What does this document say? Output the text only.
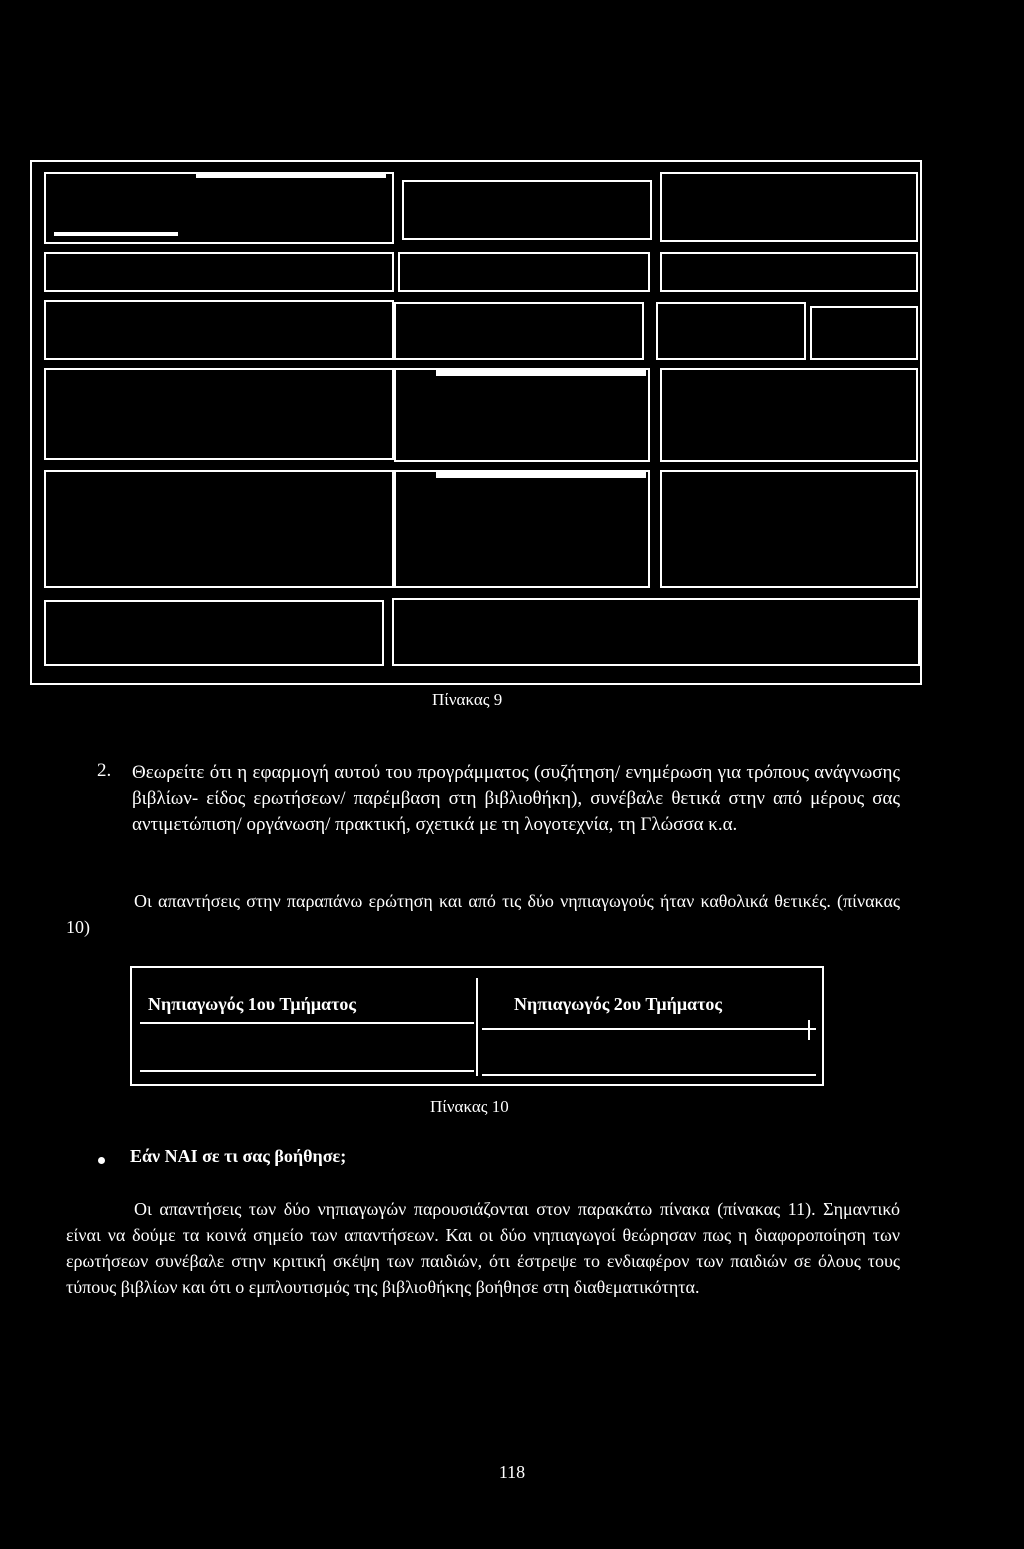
Πίνακας 9
2. Θεωρείτε ότι η εφαρμογή αυτού του προγράμματος (συζήτηση/ ενημέρωση για τρόπους ανάγνωσης βιβλίων- είδος ερωτήσεων/ παρέμβαση στη βιβλιοθήκη), συνέβαλε θετικά στην από μέρους σας αντιμετώπιση/ οργάνωση/ πρακτική, σχετικά με τη λογοτεχνία, τη Γλώσσα κ.α.
Οι απαντήσεις στην παραπάνω ερώτηση και από τις δύο νηπιαγωγούς ήταν καθολικά θετικές. (πίνακας 10)
Νηπιαγωγός 1ου Τμήματος	Νηπιαγωγός 2ου Τμήματος
Πίνακας 10
Εάν ΝΑΙ σε τι σας βοήθησε;
Οι απαντήσεις των δύο νηπιαγωγών παρουσιάζονται στον παρακάτω πίνακα (πίνακας 11). Σημαντικό είναι να δούμε τα κοινά σημείο των απαντήσεων. Και οι δύο νηπιαγωγοί θεώρησαν πως η διαφοροποίηση των ερωτήσεων συνέβαλε στην κριτική σκέψη των παιδιών, ότι έστρεψε το ενδιαφέρον των παιδιών σε όλους τους τύπους βιβλίων και ότι ο εμπλουτισμός της βιβλιοθήκης βοήθησε στη διαθεματικότητα.
118
